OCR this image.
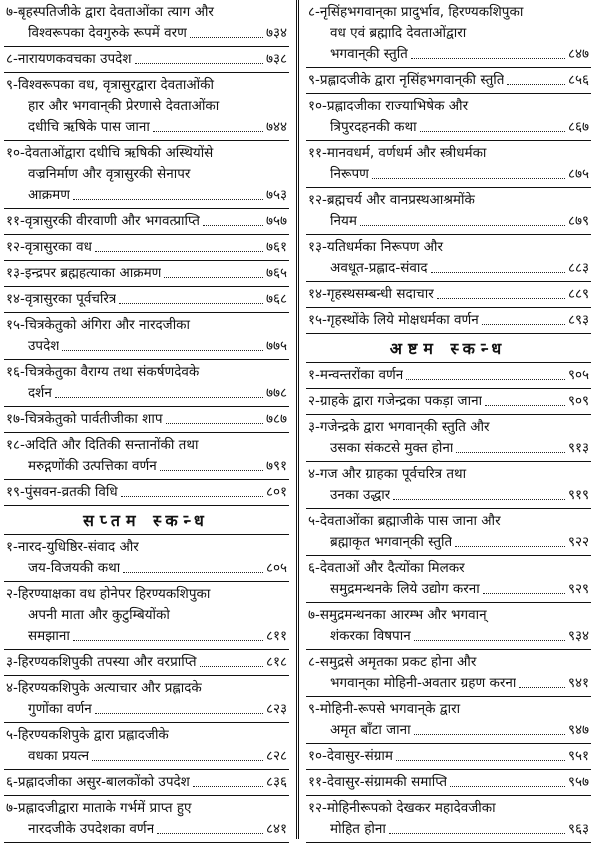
७-बृहस्पतिजीके द्वारा देवताओंका त्याग और
विश्वरूपका देवगुरुके रूपमें वरण	७३४
८-नारायणकवचका उपदेश	७३८
९-विश्वरूपका वध, वृत्रासुरद्वारा देवताओंकी
हार और भगवान्‌की प्रेरणासे देवताओंका
दधीचि ऋषिके पास जाना	७४४
१०-देवताओंद्वारा दधीचि ऋषिकी अस्थियोंसे
वज्रनिर्माण और वृत्रासुरकी सेनापर
आक्रमण	७५३
११-वृत्रासुरकी वीरवाणी और भगवत्प्राप्ति	७५७
१२-वृत्रासुरका वध	७६१
१३-इन्द्रपर ब्रह्महत्याका आक्रमण	७६५
१४-वृत्रासुरका पूर्वचरित्र	७६८
१५-चित्रकेतुको अंगिरा और नारदजीका
उपदेश	७७५
१६-चित्रकेतुका वैराग्य तथा संकर्षणदेवके
दर्शन	७७८
१७-चित्रकेतुको पार्वतीजीका शाप	७८७
१८-अदिति और दितिकी सन्तानोंकी तथा
मरुद्गणोंकी उत्पत्तिका वर्णन	७९१
१९-पुंसवन-व्रतकी विधि	८०१
सप्तम स्कन्ध
१-नारद-युधिष्ठिर-संवाद और
जय-विजयकी कथा	८०५
२-हिरण्याक्षका वध होनेपर हिरण्यकशिपुका
अपनी माता और कुटुम्बियोंको
समझाना	८११
३-हिरण्यकशिपुकी तपस्या और वरप्राप्ति	८१८
४-हिरण्यकशिपुके अत्याचार और प्रह्लादके
गुणोंका वर्णन	८२३
५-हिरण्यकशिपुके द्वारा प्रह्लादजीके
वधका प्रयत्न	८२८
६-प्रह्लादजीका असुर-बालकोंको उपदेश	८३६
७-प्रह्लादजीद्वारा माताके गर्भमें प्राप्त हुए
नारदजीके उपदेशका वर्णन	८४१
८-नृसिंहभगवान्‌का प्रादुर्भाव, हिरण्यकशिपुका
वध एवं ब्रह्मादि देवताओंद्वारा
भगवान्‌की स्तुति	८४७
९-प्रह्लादजीके द्वारा नृसिंहभगवान्‌की स्तुति	८५६
१०-प्रह्लादजीका राज्याभिषेक और
त्रिपुरदहनकी कथा	८६७
११-मानवधर्म, वर्णधर्म और स्त्रीधर्मका
निरूपण	८७५
१२-ब्रह्मचर्य और वानप्रस्थआश्रमोंके
नियम	८७९
१३-यतिधर्मका निरूपण और
अवधूत-प्रह्लाद-संवाद	८८३
१४-गृहस्थसम्बन्धी सदाचार	८८९
१५-गृहस्थोंके लिये मोक्षधर्मका वर्णन	८९३
अष्टम स्कन्ध
१-मन्वन्तरोंका वर्णन	९०५
२-ग्राहके द्वारा गजेन्द्रका पकड़ा जाना	९०९
३-गजेन्द्रके द्वारा भगवान्‌की स्तुति और
उसका संकटसे मुक्त होना	९१३
४-गज और ग्राहका पूर्वचरित्र तथा
उनका उद्धार	९१९
५-देवताओंका ब्रह्माजीके पास जाना और
ब्रह्माकृत भगवान्‌की स्तुति	९२२
६-देवताओं और दैत्योंका मिलकर
समुद्रमन्थनके लिये उद्योग करना	९२९
७-समुद्रमन्थनका आरम्भ और भगवान्
शंकरका विषपान	९३४
८-समुद्रसे अमृतका प्रकट होना और
भगवान्‌का मोहिनी-अवतार ग्रहण करना	९४१
९-मोहिनी-रूपसे भगवान्‌के द्वारा
अमृत बाँटा जाना	९४७
१०-देवासुर-संग्राम	९५१
११-देवासुर-संग्रामकी समाप्ति	९५७
१२-मोहिनीरूपको देखकर महादेवजीका
मोहित होना	९६३
